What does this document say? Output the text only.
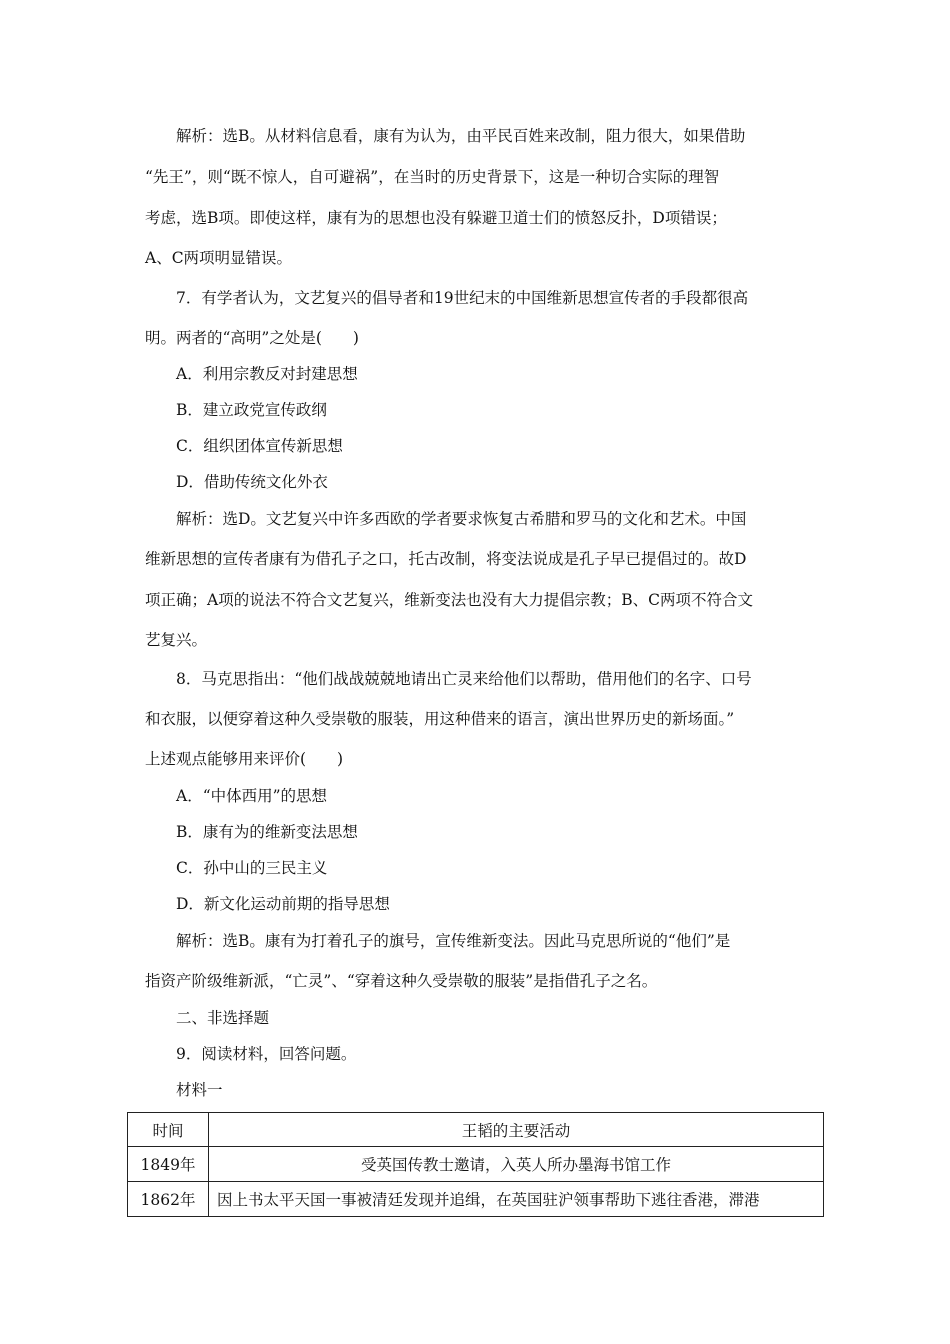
解析：选B。从材料信息看，康有为认为，由平民百姓来改制，阻力很大，如果借助
“先王”，则“既不惊人，自可避祸”，在当时的历史背景下，这是一种切合实际的理智
考虑，选B项。即使这样，康有为的思想也没有躲避卫道士们的愤怒反扑，D项错误；
A、C两项明显错误。
7．有学者认为，文艺复兴的倡导者和19世纪末的中国维新思想宣传者的手段都很高
明。两者的“高明”之处是(　　)
A．利用宗教反对封建思想
B．建立政党宣传政纲
C．组织团体宣传新思想
D．借助传统文化外衣
解析：选D。文艺复兴中许多西欧的学者要求恢复古希腊和罗马的文化和艺术。中国
维新思想的宣传者康有为借孔子之口，托古改制，将变法说成是孔子早已提倡过的。故D
项正确；A项的说法不符合文艺复兴，维新变法也没有大力提倡宗教；B、C两项不符合文
艺复兴。
8．马克思指出：“他们战战兢兢地请出亡灵来给他们以帮助，借用他们的名字、口号
和衣服，以便穿着这种久受崇敬的服装，用这种借来的语言，演出世界历史的新场面。”
上述观点能够用来评价(　　)
A．“中体西用”的思想
B．康有为的维新变法思想
C．孙中山的三民主义
D．新文化运动前期的指导思想
解析：选B。康有为打着孔子的旗号，宣传维新变法。因此马克思所说的“他们”是
指资产阶级维新派，“亡灵”、“穿着这种久受崇敬的服装”是指借孔子之名。
二、非选择题
9．阅读材料，回答问题。
材料一
时间	王韬的主要活动
1849年	受英国传教士邀请，入英人所办墨海书馆工作
1862年	因上书太平天国一事被清廷发现并追缉，在英国驻沪领事帮助下逃往香港，滞港
